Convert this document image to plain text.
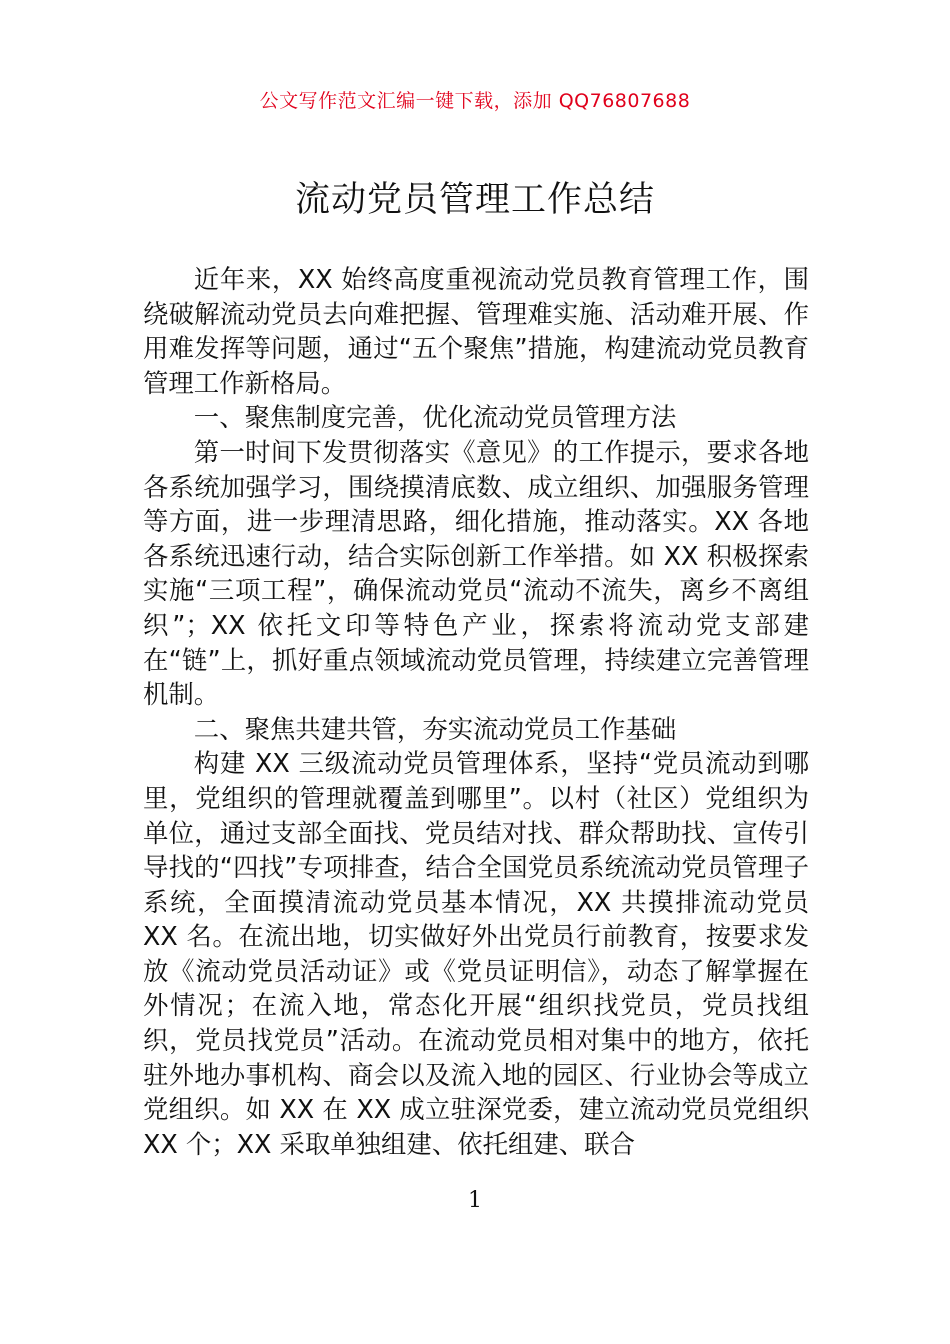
公文写作范文汇编一键下载，添加 QQ76807688
流动党员管理工作总结

近年来，XX 始终高度重视流动党员教育管理工作，围绕破解流动党员去向难把握、管理难实施、活动难开展、作用难发挥等问题，通过“五个聚焦”措施，构建流动党员教育管理工作新格局。

一、聚焦制度完善，优化流动党员管理方法

第一时间下发贯彻落实《意见》的工作提示，要求各地各系统加强学习，围绕摸清底数、成立组织、加强服务管理等方面，进一步理清思路，细化措施，推动落实。XX 各地各系统迅速行动，结合实际创新工作举措。如 XX 积极探索实施“三项工程”，确保流动党员“流动不流失，离乡不离组织”；XX 依托文印等特色产业，探索将流动党支部建在“链”上，抓好重点领域流动党员管理，持续建立完善管理机制。

二、聚焦共建共管，夯实流动党员工作基础

构建 XX 三级流动党员管理体系，坚持“党员流动到哪里，党组织的管理就覆盖到哪里”。以村（社区）党组织为单位，通过支部全面找、党员结对找、群众帮助找、宣传引导找的“四找”专项排查，结合全国党员系统流动党员管理子系统，全面摸清流动党员基本情况，XX 共摸排流动党员 XX 名。在流出地，切实做好外出党员行前教育，按要求发放《流动党员活动证》或《党员证明信》，动态了解掌握在外情况；在流入地，常态化开展“组织找党员，党员找组织，党员找党员”活动。在流动党员相对集中的地方，依托驻外地办事机构、商会以及流入地的园区、行业协会等成立党组织。如 XX 在 XX 成立驻深党委，建立流动党员党组织 XX 个；XX 采取单独组建、依托组建、联合

1
